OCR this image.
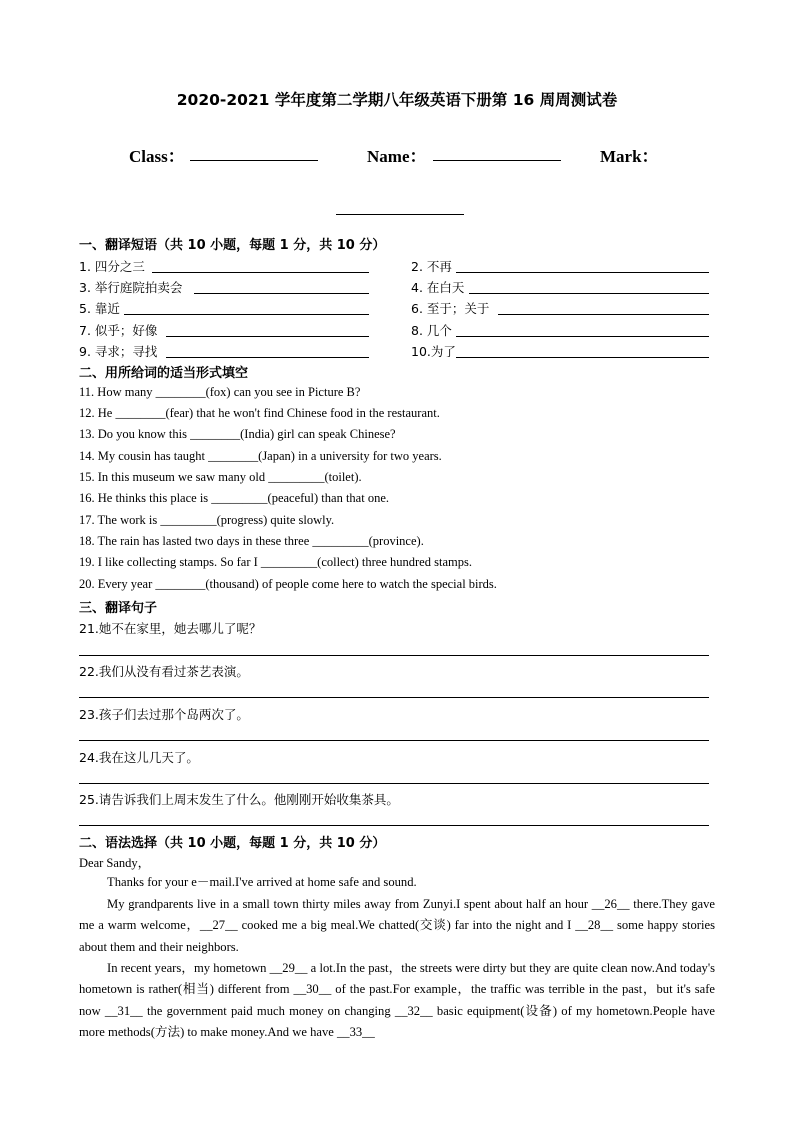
2020-2021 学年度第二学期八年级英语下册第 16 周周测试卷
Class：	Name：	Mark：
一、翻译短语（共 10 小题，每题 1 分，共 10 分）
1. 四分之三	2. 不再
3. 举行庭院拍卖会	4. 在白天
5. 靠近	6. 至于；关于
7. 似乎；好像	8. 几个
9. 寻求；寻找	10.为了
二、用所给词的适当形式填空
11. How many ________(fox) can you see in Picture B?
12. He ________(fear) that he won't find Chinese food in the restaurant.
13. Do you know this ________(India) girl can speak Chinese?
14. My cousin has taught ________(Japan) in a university for two years.
15. In this museum we saw many old _________(toilet).
16. He thinks this place is _________(peaceful) than that one.
17. The work is _________(progress) quite slowly.
18. The rain has lasted two days in these three _________(province).
19. I like collecting stamps. So far I _________(collect) three hundred stamps.
20. Every year ________(thousand) of people come here to watch the special birds.
三、翻译句子
21.她不在家里，她去哪儿了呢？
22.我们从没有看过茶艺表演。
23.孩子们去过那个岛两次了。
24.我在这儿几天了。
25.请告诉我们上周末发生了什么。他刚刚开始收集茶具。
二、语法选择（共 10 小题，每题 1 分，共 10 分）
Dear Sandy，
Thanks for your e－mail.I've arrived at home safe and sound.
My grandparents live in a small town thirty miles away from Zunyi.I spent about half an hour __26__ there.They gave me a warm welcome，__27__ cooked me a big meal.We chatted(交谈) far into the night and I __28__ some happy stories about them and their neighbors.
In recent years，my hometown __29__ a lot.In the past，the streets were dirty but they are quite clean now.And today's hometown is rather(相当) different from __30__ of the past.For example，the traffic was terrible in the past，but it's safe now __31__ the government paid much money on changing __32__ basic equipment(设备) of my hometown.People have more methods(方法) to make money.And we have __33__
